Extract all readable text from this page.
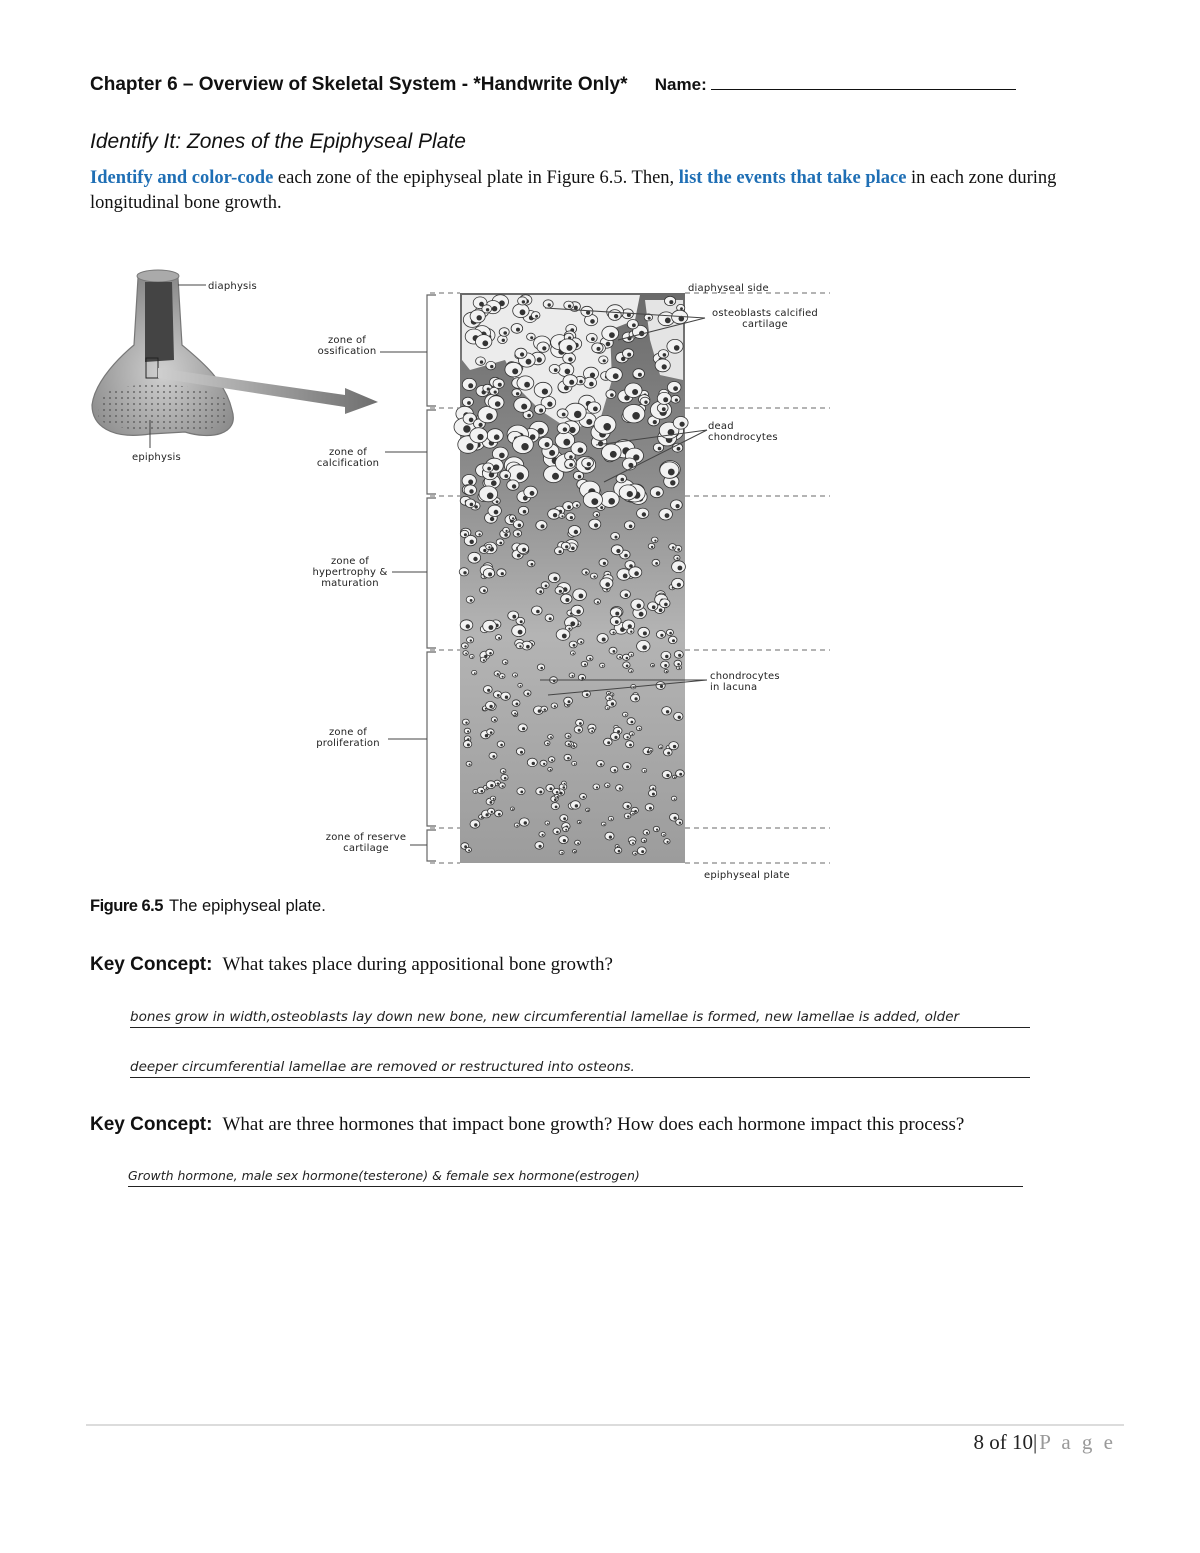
Chapter 6 – Overview of Skeletal System - *Handwrite Only* Name:
Identify It: Zones of the Epiphyseal Plate
Identify and color-code each zone of the epiphyseal plate in Figure 6.5. Then, list the events that take place in each zone during longitudinal bone growth.
diaphysis
epiphysis
diaphyseal side
epiphyseal plate
zone of ossification
zone of calcification
zone of hypertrophy & maturation
zone of proliferation
zone of reserve cartilage
osteoblasts calcified cartilage
dead chondrocytes
chondrocytes in lacuna
Figure 6.5 The epiphyseal plate.
Key Concept: What takes place during appositional bone growth?
bones grow in width,osteoblasts lay down new bone, new circumferential lamellae is formed, new lamellae is added, older
deeper circumferential lamellae are removed or restructured into osteons.
Key Concept: What are three hormones that impact bone growth? How does each hormone impact this process?
Growth hormone, male sex hormone(testerone) & female sex hormone(estrogen)
8 of 10|P a g e
